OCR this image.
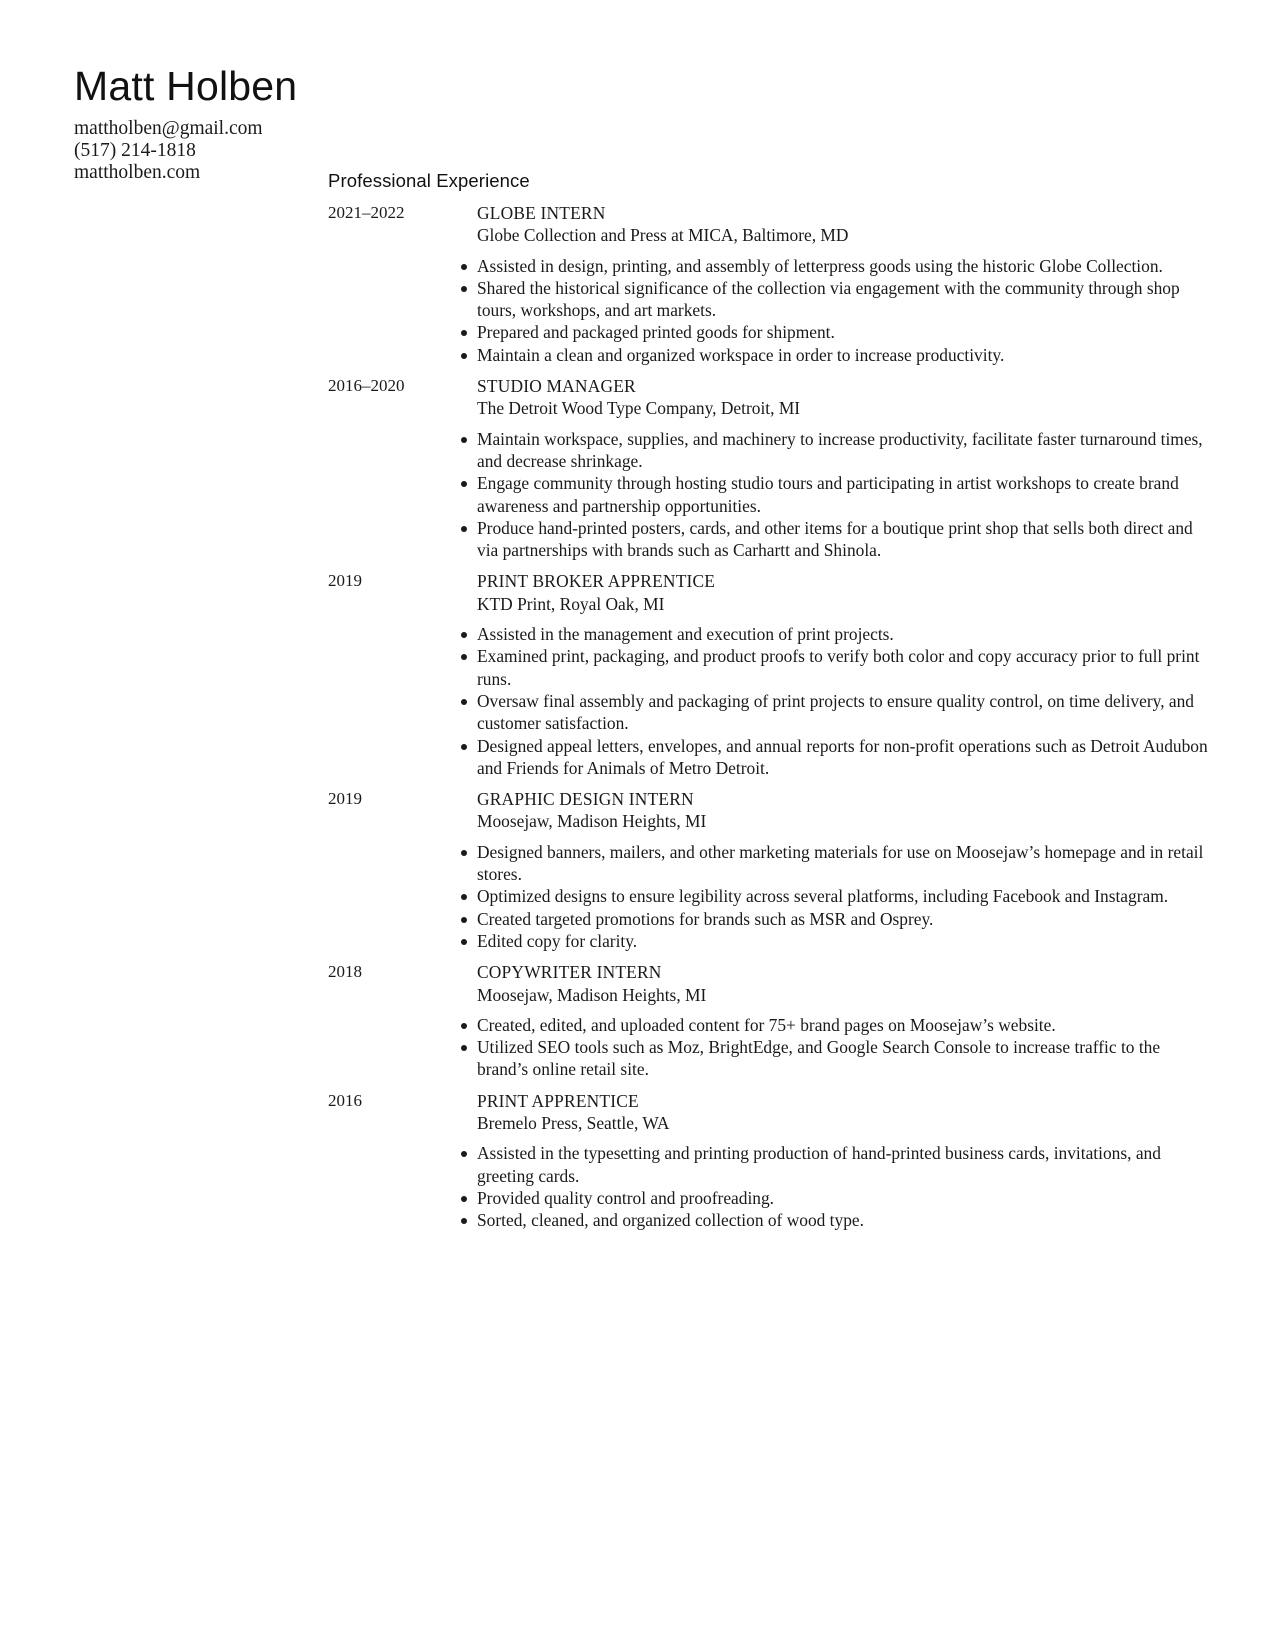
Matt Holben

mattholben@gmail.com

(517) 214-1818

mattholben.com	Professional Experience
2021–2022	GLOBE INTERN
Globe Collection and Press at MICA, Baltimore, MD
Assisted in design, printing, and assembly of letterpress goods using the historic Globe Collection.
Shared the historical significance of the collection via engagement with the community through shop tours, workshops, and art markets.
Prepared and packaged printed goods for shipment.
Maintain a clean and organized workspace in order to increase productivity.
2016–2020	STUDIO MANAGER
The Detroit Wood Type Company, Detroit, MI
Maintain workspace, supplies, and machinery to increase productivity, facilitate faster turnaround times, and decrease shrinkage.
Engage community through hosting studio tours and participating in artist workshops to create brand awareness and partnership opportunities.
Produce hand-printed posters, cards, and other items for a boutique print shop that sells both direct and via partnerships with brands such as Carhartt and Shinola.
2019	PRINT BROKER APPRENTICE
KTD Print, Royal Oak, MI
Assisted in the management and execution of print projects.
Examined print, packaging, and product proofs to verify both color and copy accuracy prior to full print runs.
Oversaw final assembly and packaging of print projects to ensure quality control, on time delivery, and customer satisfaction.
Designed appeal letters, envelopes, and annual reports for non-profit operations such as Detroit Audubon and Friends for Animals of Metro Detroit.
2019	GRAPHIC DESIGN INTERN
Moosejaw, Madison Heights, MI
Designed banners, mailers, and other marketing materials for use on Moosejaw’s homepage and in retail stores.
Optimized designs to ensure legibility across several platforms, including Facebook and Instagram.
Created targeted promotions for brands such as MSR and Osprey.
Edited copy for clarity.
2018	COPYWRITER INTERN
Moosejaw, Madison Heights, MI
Created, edited, and uploaded content for 75+ brand pages on Moosejaw’s website.
Utilized SEO tools such as Moz, BrightEdge, and Google Search Console to increase traffic to the brand’s online retail site.
2016	PRINT APPRENTICE
Bremelo Press, Seattle, WA
Assisted in the typesetting and printing production of hand-printed business cards, invitations, and greeting cards.
Provided quality control and proofreading.
Sorted, cleaned, and organized collection of wood type.
